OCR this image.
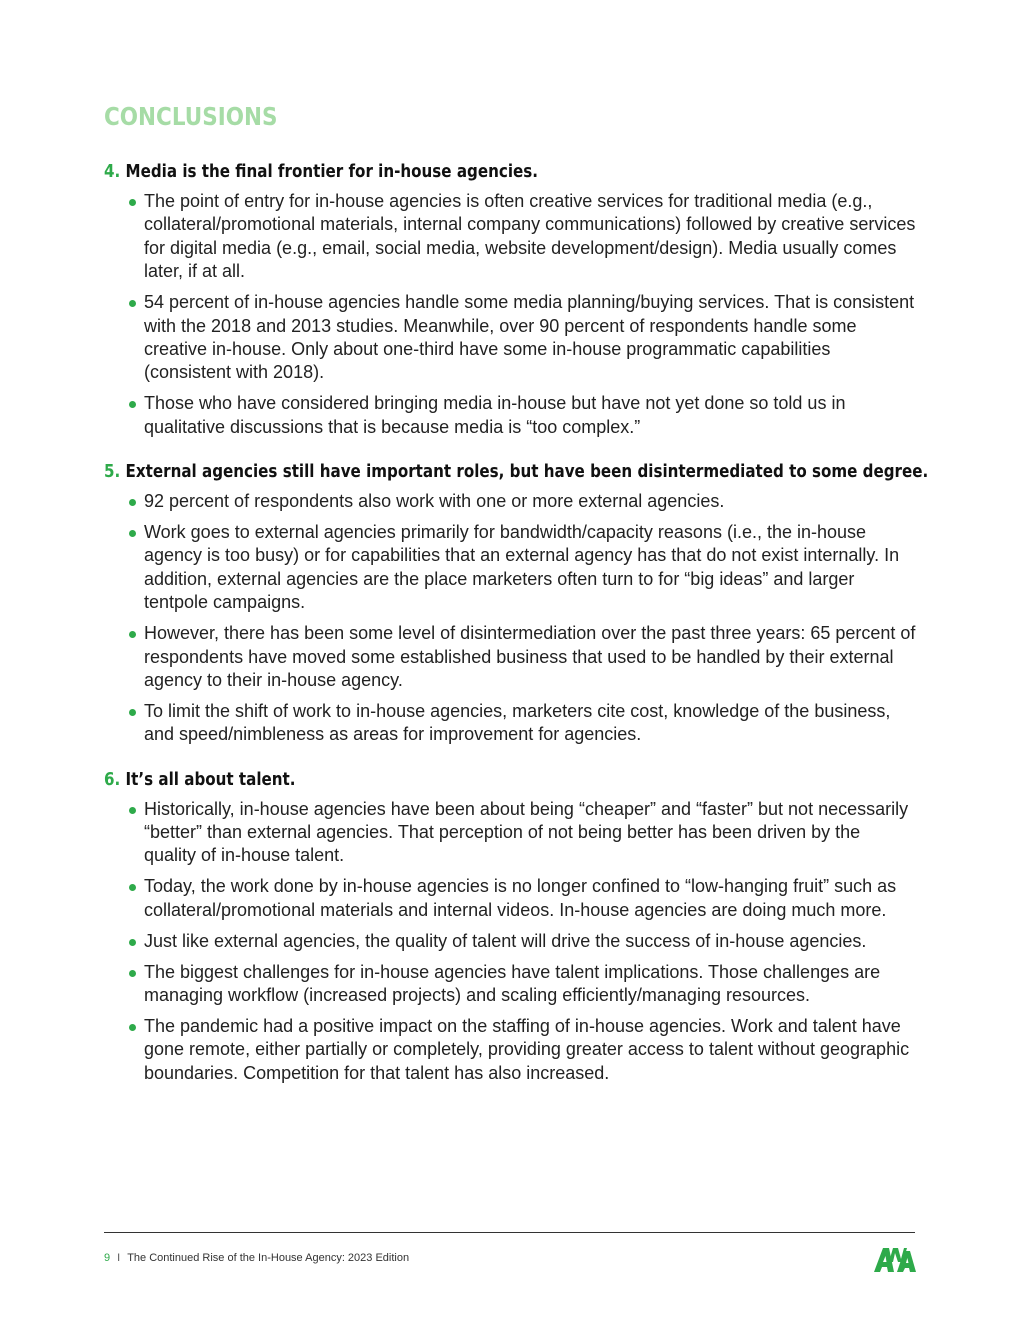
CONCLUSIONS
4. Media is the final frontier for in-house agencies.
The point of entry for in-house agencies is often creative services for traditional media (e.g., collateral/promotional materials, internal company communications) followed by creative services for digital media (e.g., email, social media, website development/design). Media usually comes later, if at all.
54 percent of in-house agencies handle some media planning/buying services. That is consistent with the 2018 and 2013 studies. Meanwhile, over 90 percent of respondents handle some creative in-house. Only about one-third have some in-house programmatic capabilities (consistent with 2018).
Those who have considered bringing media in-house but have not yet done so told us in qualitative discussions that is because media is “too complex.”
5. External agencies still have important roles, but have been disintermediated to some degree.
92 percent of respondents also work with one or more external agencies.
Work goes to external agencies primarily for bandwidth/capacity reasons (i.e., the in-house agency is too busy) or for capabilities that an external agency has that do not exist internally. In addition, external agencies are the place marketers often turn to for “big ideas” and larger tentpole campaigns.
However, there has been some level of disintermediation over the past three years: 65 percent of respondents have moved some established business that used to be handled by their external agency to their in-house agency.
To limit the shift of work to in-house agencies, marketers cite cost, knowledge of the business, and speed/nimbleness as areas for improvement for agencies.
6. It’s all about talent.
Historically, in-house agencies have been about being “cheaper” and “faster” but not necessarily “better” than external agencies. That perception of not being better has been driven by the quality of in-house talent.
Today, the work done by in-house agencies is no longer confined to “low-hanging fruit” such as collateral/promotional materials and internal videos. In-house agencies are doing much more.
Just like external agencies, the quality of talent will drive the success of in-house agencies.
The biggest challenges for in-house agencies have talent implications. Those challenges are managing workflow (increased projects) and scaling efficiently/managing resources.
The pandemic had a positive impact on the staffing of in-house agencies. Work and talent have gone remote, either partially or completely, providing greater access to talent without geographic boundaries. Competition for that talent has also increased.
9 I The Continued Rise of the In-House Agency: 2023 Edition
